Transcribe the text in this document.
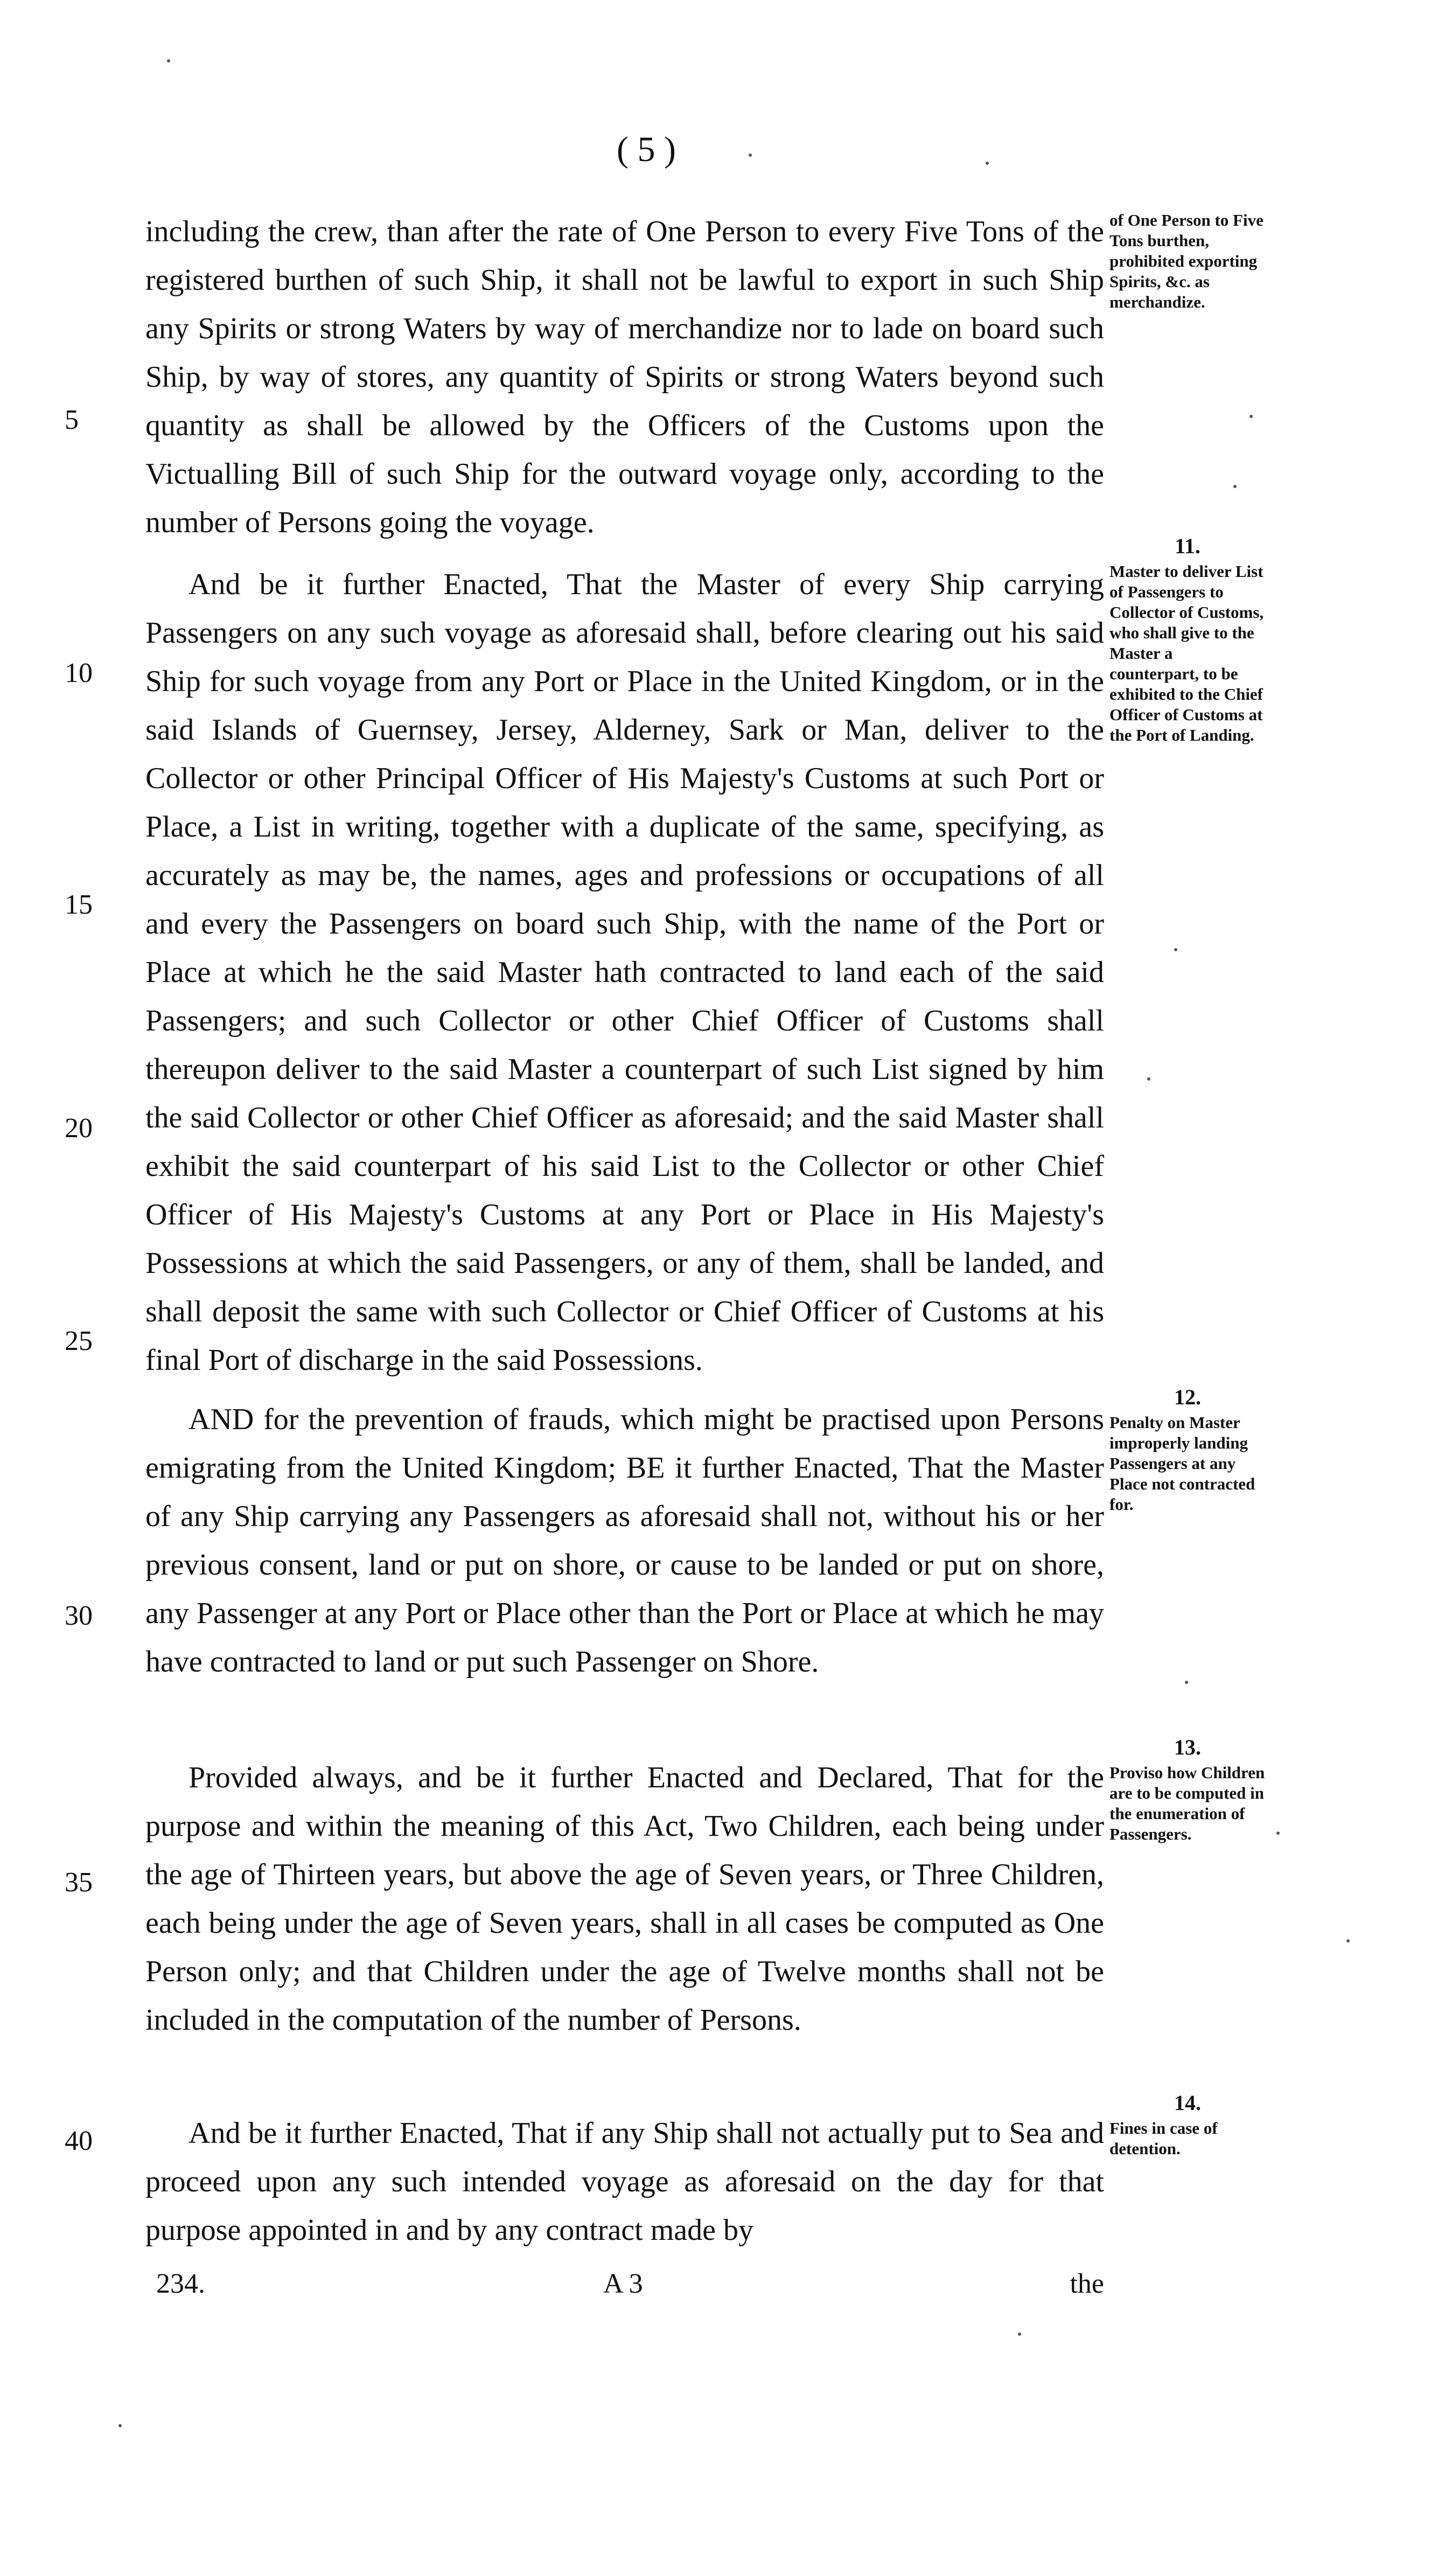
( 5 )

including the crew, than after the rate of One Person to every Five Tons of the registered burthen of such Ship, it shall not be lawful to export in such Ship any Spirits or strong Waters by way of merchandize nor to lade on board such Ship, by way of stores, any quantity of Spirits or strong Waters beyond such quantity as shall be allowed by the Officers of the Customs upon the Victualling Bill of such Ship for the outward voyage only, according to the number of Persons going the voyage.

And be it further Enacted, That the Master of every Ship carrying Passengers on any such voyage as aforesaid shall, before clearing out his said Ship for such voyage from any Port or Place in the United Kingdom, or in the said Islands of Guernsey, Jersey, Alderney, Sark or Man, deliver to the Collector or other Principal Officer of His Majesty's Customs at such Port or Place, a List in writing, together with a duplicate of the same, specifying, as accurately as may be, the names, ages and professions or occupations of all and every the Passengers on board such Ship, with the name of the Port or Place at which he the said Master hath contracted to land each of the said Passengers; and such Collector or other Chief Officer of Customs shall thereupon deliver to the said Master a counterpart of such List signed by him the said Collector or other Chief Officer as aforesaid; and the said Master shall exhibit the said counterpart of his said List to the Collector or other Chief Officer of His Majesty's Customs at any Port or Place in His Majesty's Possessions at which the said Passengers, or any of them, shall be landed, and shall deposit the same with such Collector or Chief Officer of Customs at his final Port of discharge in the said Possessions.

AND for the prevention of frauds, which might be practised upon Persons emigrating from the United Kingdom; BE it further Enacted, That the Master of any Ship carrying any Passengers as aforesaid shall not, without his or her previous consent, land or put on shore, or cause to be landed or put on shore, any Passenger at any Port or Place other than the Port or Place at which he may have contracted to land or put such Passenger on Shore.

Provided always, and be it further Enacted and Declared, That for the purpose and within the meaning of this Act, Two Children, each being under the age of Thirteen years, but above the age of Seven years, or Three Children, each being under the age of Seven years, shall in all cases be computed as One Person only; and that Children under the age of Twelve months shall not be included in the computation of the number of Persons.

And be it further Enacted, That if any Ship shall not actually put to Sea and proceed upon any such intended voyage as aforesaid on the day for that purpose appointed in and by any contract made by

5
10
15
20
25
30
35
40
of One Person to Five Tons burthen, prohibited exporting Spirits, &c. as merchandize.
11.
Master to deliver List of Passengers to Collector of Customs, who shall give to the Master a counterpart, to be exhibited to the Chief Officer of Customs at the Port of Landing.
12.
Penalty on Master improperly landing Passengers at any Place not contracted for.
13.
Proviso how Children are to be computed in the enumeration of Passengers.
14.
Fines in case of detention.
234.	A 3	the
